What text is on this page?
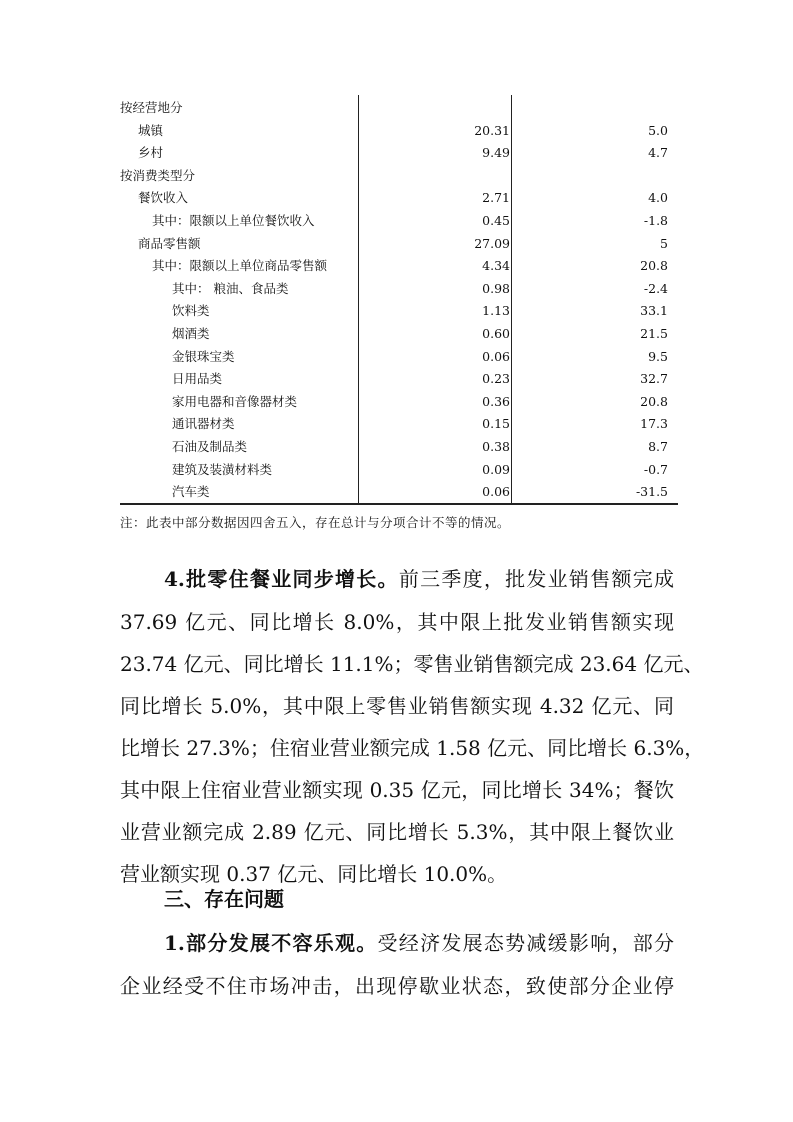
按经营地分
城镇	20.31	5.0
乡村	9.49	4.7
按消费类型分
餐饮收入	2.71	4.0
其中：限额以上单位餐饮收入	0.45	-1.8
商品零售额	27.09	5
其中：限额以上单位商品零售额	4.34	20.8
其中： 粮油、食品类	0.98	-2.4
饮料类	1.13	33.1
烟酒类	0.60	21.5
金银珠宝类	0.06	9.5
日用品类	0.23	32.7
家用电器和音像器材类	0.36	20.8
通讯器材类	0.15	17.3
石油及制品类	0.38	8.7
建筑及装潢材料类	0.09	-0.7
汽车类	0.06	-31.5
注：此表中部分数据因四舍五入，存在总计与分项合计不等的情况。
4.批零住餐业同步增长。前三季度，批发业销售额完成
37.69 亿元、同比增长 8.0%，其中限上批发业销售额实现
23.74 亿元、同比增长 11.1%；零售业销售额完成 23.64 亿元、
同比增长 5.0%，其中限上零售业销售额实现 4.32 亿元、同
比增长 27.3%；住宿业营业额完成 1.58 亿元、同比增长 6.3%，
其中限上住宿业营业额实现 0.35 亿元，同比增长 34%；餐饮
业营业额完成 2.89 亿元、同比增长 5.3%，其中限上餐饮业
营业额实现 0.37 亿元、同比增长 10.0%。
三、存在问题
1.部分发展不容乐观。受经济发展态势减缓影响，部分
企业经受不住市场冲击，出现停歇业状态，致使部分企业停
